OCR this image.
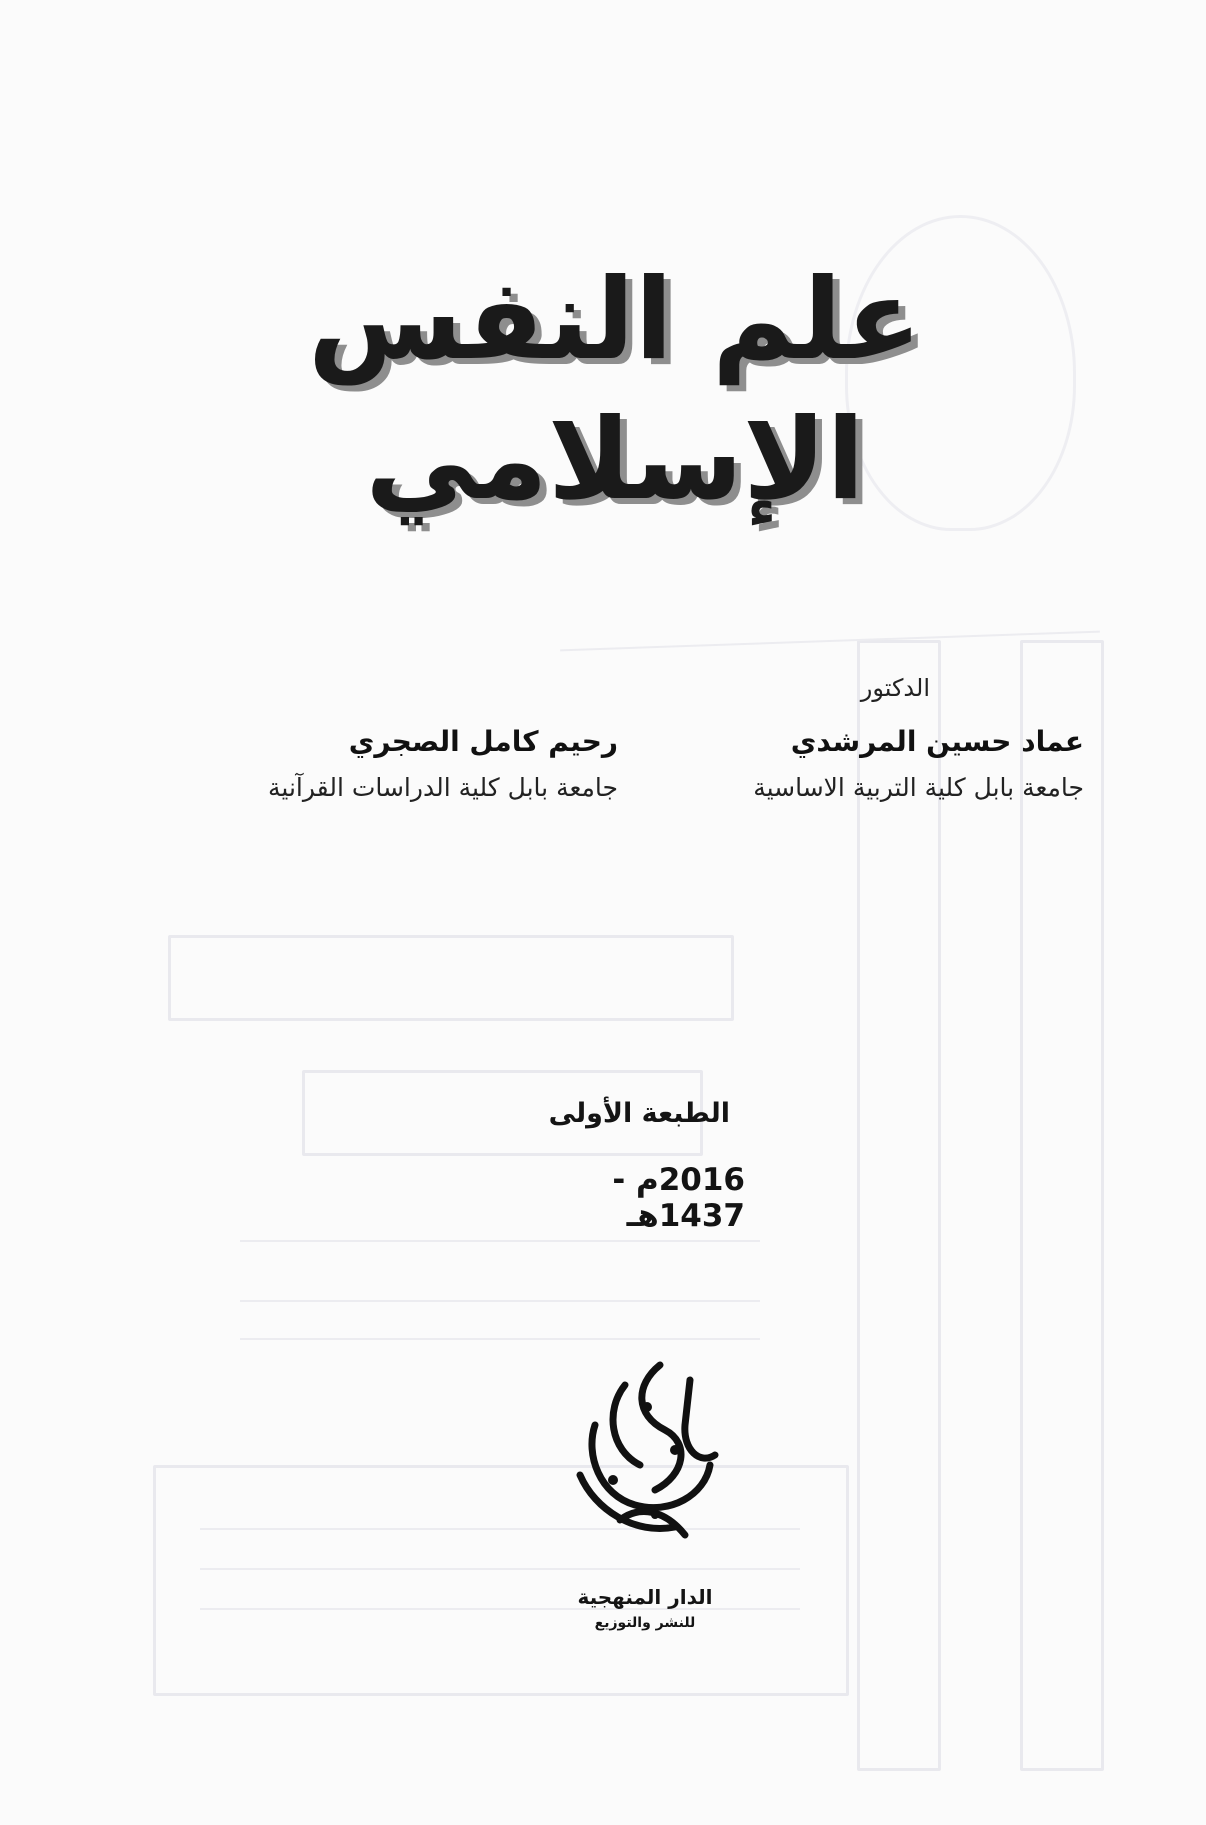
علم النفس الإسلامي
الدكتور
عماد حسين المرشدي
جامعة بابل كلية التربية الاساسية
رحيم كامل الصجري
جامعة بابل كلية الدراسات القرآنية
الطبعة الأولى
2016م - 1437هـ
دار المنهجية
الدار المنهجية
للنشر والتوزيع
